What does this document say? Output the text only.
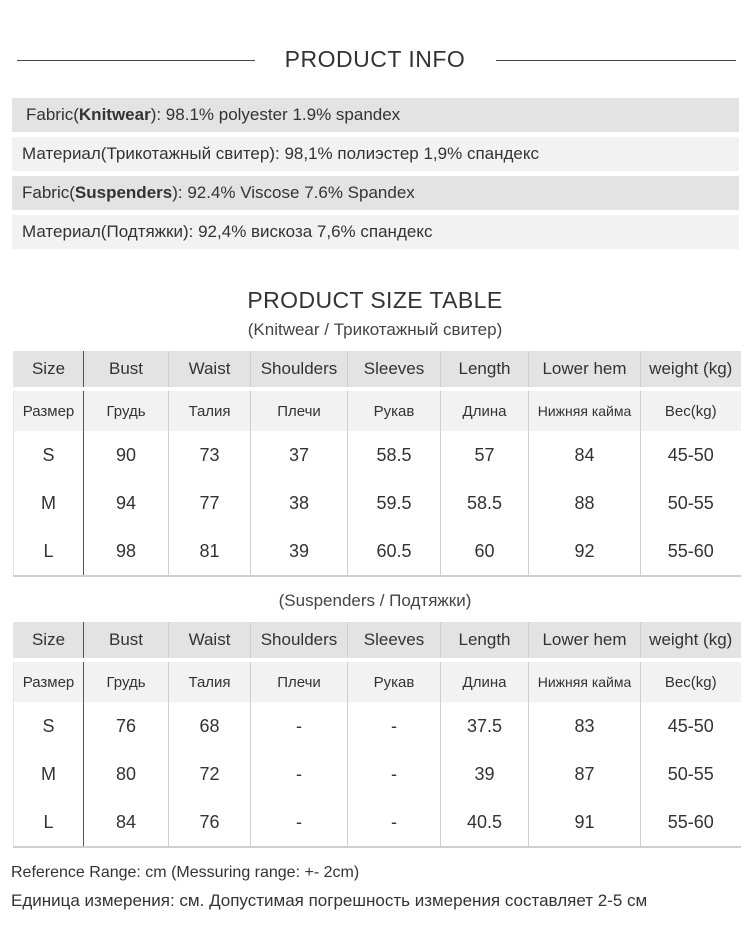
PRODUCT INFO
Fabric(Knitwear): 98.1% polyester 1.9% spandex
Материал(Трикотажный свитер): 98,1% полиэстер 1,9% спандекс
Fabric(Suspenders): 92.4% Viscose 7.6% Spandex
Материал(Подтяжки): 92,4% вискоза 7,6% спандекс
PRODUCT SIZE TABLE
(Knitwear / Трикотажный свитер)
Size	Bust	Waist	Shoulders	Sleeves	Length	Lower hem	weight (kg)
Размер	Грудь	Талия	Плечи	Рукав	Длина	Нижняя кайма	Вес(kg)
S	90	73	37	58.5	57	84	45-50
M	94	77	38	59.5	58.5	88	50-55
L	98	81	39	60.5	60	92	55-60
(Suspenders / Подтяжки)
Size	Bust	Waist	Shoulders	Sleeves	Length	Lower hem	weight (kg)
Размер	Грудь	Талия	Плечи	Рукав	Длина	Нижняя кайма	Вес(kg)
S	76	68	-	-	37.5	83	45-50
M	80	72	-	-	39	87	50-55
L	84	76	-	-	40.5	91	55-60
Reference Range: cm (Messuring range: +- 2cm)
Единица измерения: см. Допустимая погрешность измерения составляет 2-5 см
